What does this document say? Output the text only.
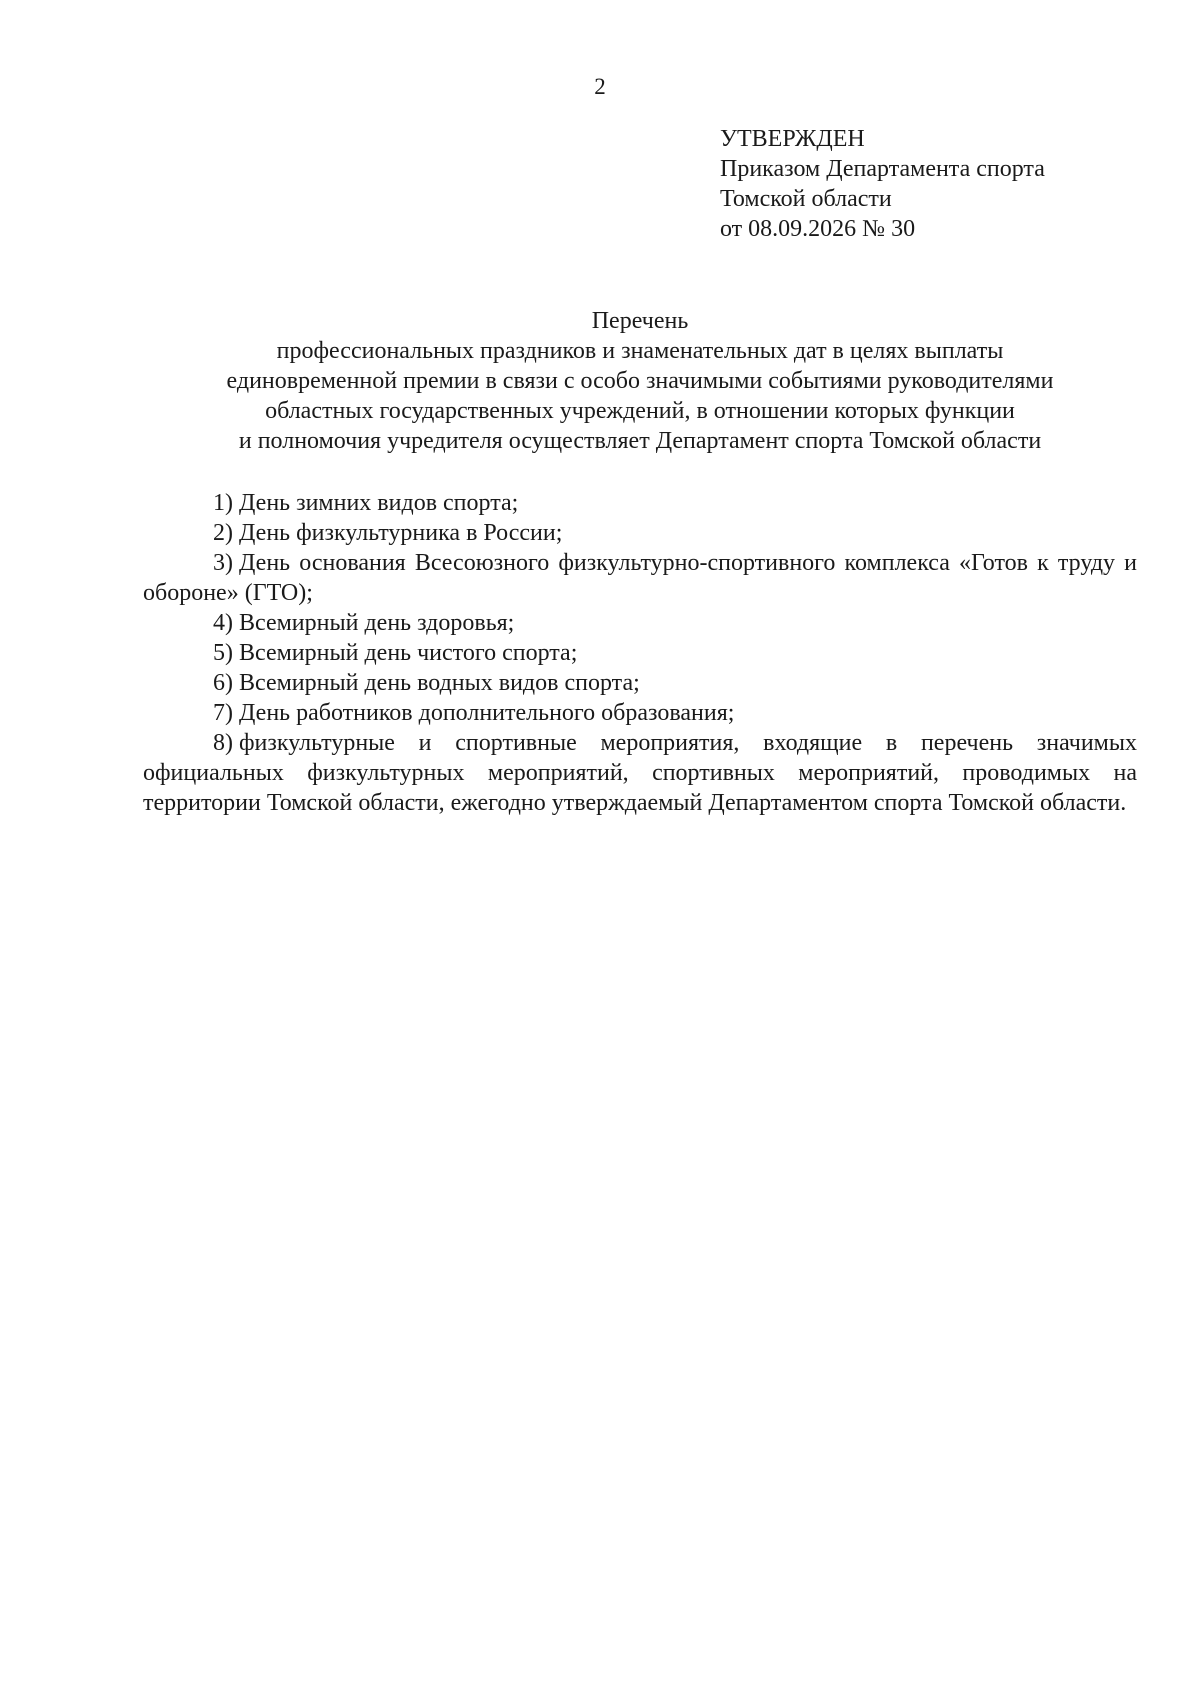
2
УТВЕРЖДЕН
Приказом Департамента спорта
Томской области
от 08.09.2026 № 30
Перечень
профессиональных праздников и знаменательных дат в целях выплаты
единовременной премии в связи с особо значимыми событиями руководителями
областных государственных учреждений, в отношении которых функции
и полномочия учредителя осуществляет Департамент спорта Томской области

1) День зимних видов спорта;

2) День физкультурника в России;

3) День основания Всесоюзного физкультурно-спортивного комплекса «Готов к труду и обороне» (ГТО);

4) Всемирный день здоровья;

5) Всемирный день чистого спорта;

6) Всемирный день водных видов спорта;

7) День работников дополнительного образования;

8) физкультурные и спортивные мероприятия, входящие в перечень значимых официальных физкультурных мероприятий, спортивных мероприятий, проводимых на территории Томской области, ежегодно утверждаемый Департаментом спорта Томской области.
